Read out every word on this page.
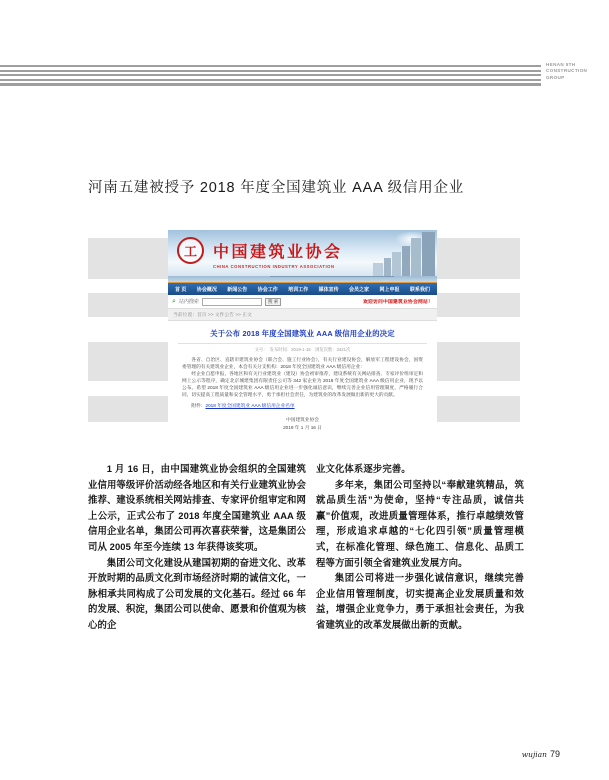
HENAN 5TH
CONSTRUCTION
GROUP
河南五建被授予 2018 年度全国建筑业 AAA 级信用企业
工 中国建筑业协会
CHINA CONSTRUCTION INDUSTRY ASSOCIATION
首 页 协会概况 新闻公告 协会工作 培训工作 媒体宣传 会员之家 网上申报 联系我们
⌕ 站内搜索	搜 索	欢迎访问中国建筑业协会网站！
当前位置：首页 >> 文件公告 >> 正文
关于公布 2018 年度全国建筑业 AAA 级信用企业的决定
文号：　发布时间：2019-1-16　浏览次数：3421次

各省、自治区、直辖市建筑业协会（联合会、施工行业协会），有关行业建设协会，解放军工程建设协会，国资委管理的有关建筑业企业，本会有关分支机构：2018 年度全国建筑业 AAA 级信用企业：

经企业自愿申报，各地区和有关行业建筑业（建设）协会初审推荐，建设系统有关网站排查、专家评价组审定和网上公示等程序，确定北京城建集团有限责任公司等 342 家企业为 2018 年度全国建筑业 AAA 级信用企业，现予以公布。希望 2018 年度全国建筑业 AAA 级信用企业进一步强化诚信意识，继续完善企业信用管理制度，严格履行合同，切实提高工程质量和安全管理水平，勇于承担社会责任，为建筑业的改革发展做出新的更大的贡献。

附件：2018 年度全国建筑业 AAA 级信用企业名单
中国建筑业协会
2019 年 1 月 16 日

1 月 16 日，由中国建筑业协会组织的全国建筑业信用等级评价活动经各地区和有关行业建筑业协会推荐、建设系统相关网站排查、专家评价组审定和网上公示，正式公布了 2018 年度全国建筑业 AAA 级信用企业名单，集团公司再次喜获荣誉，这是集团公司从 2005 年至今连续 13 年获得该奖项。

集团公司文化建设从建国初期的奋进文化、改革开放时期的品质文化到市场经济时期的诚信文化，一脉相承共同构成了公司发展的文化基石。经过 66 年的发展、积淀，集团公司以使命、愿景和价值观为核心的企

业文化体系逐步完善。

多年来，集团公司坚持以“奉献建筑精品，筑就品质生活”为使命，坚持“专注品质，诚信共赢”价值观，改进质量管理体系，推行卓越绩效管理，形成追求卓越的“七化四引领”质量管理模式，在标准化管理、绿色施工、信息化、品质工程等方面引领全省建筑业发展方向。

集团公司将进一步强化诚信意识，继续完善企业信用管理制度，切实提高企业发展质量和效益，增强企业竞争力，勇于承担社会责任，为我省建筑业的改革发展做出新的贡献。

wujian 79
